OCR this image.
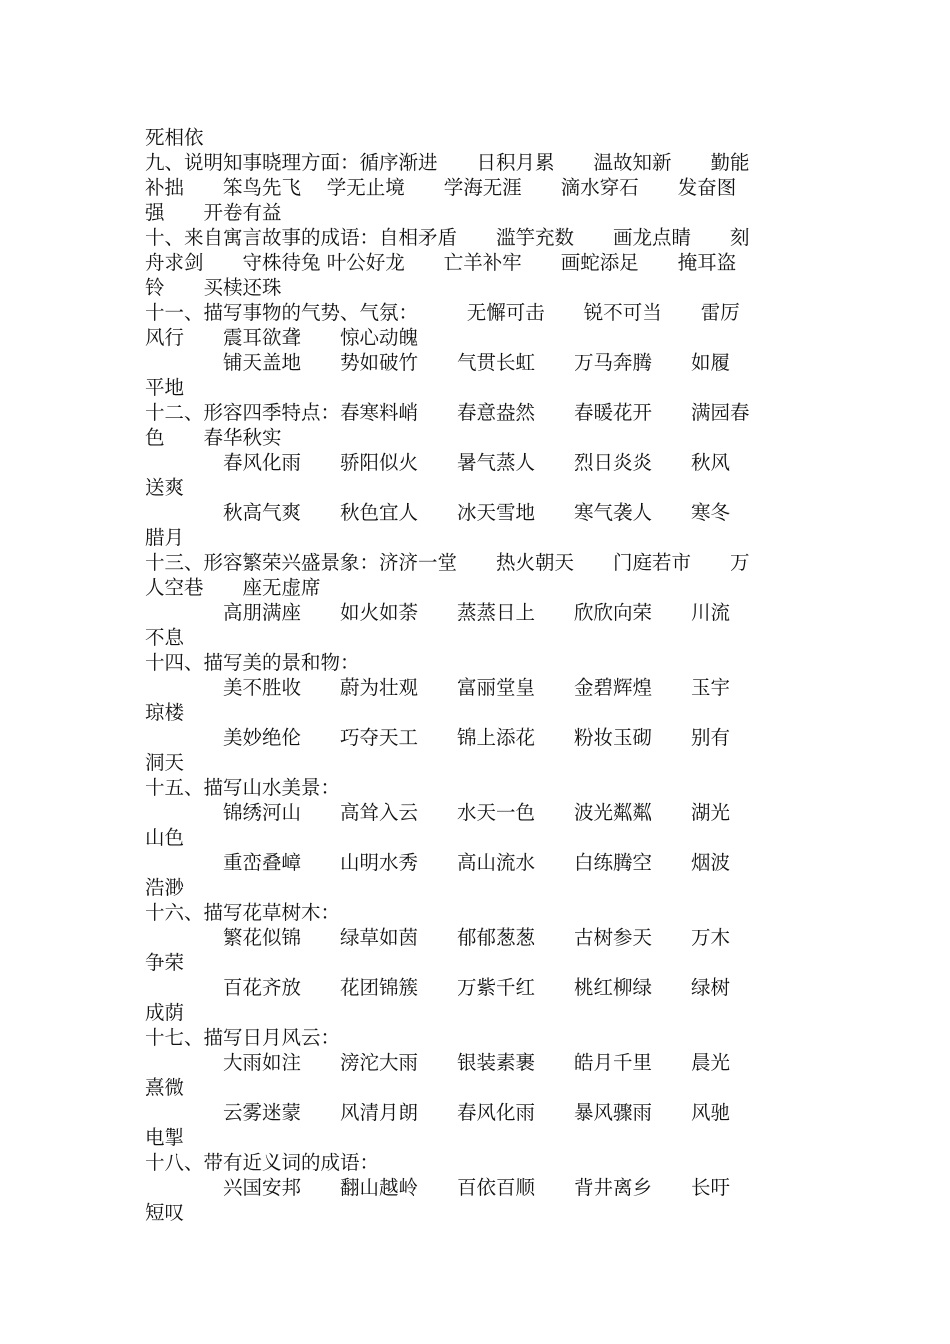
死相依
九、说明知事晓理方面：循序渐进　　日积月累　　温故知新　　勤能
补拙　　笨鸟先飞　 学无止境　　学海无涯　　滴水穿石　　发奋图
强　　开卷有益
十、来自寓言故事的成语：自相矛盾　　滥竽充数　　画龙点睛　　刻
舟求剑　　守株待兔 叶公好龙　　亡羊补牢　　画蛇添足　　掩耳盗
铃　　买椟还珠
十一、描写事物的气势、气氛：　　　无懈可击　　锐不可当　　雷厉
风行　　震耳欲聋　　惊心动魄
　　　　铺天盖地　　势如破竹　　气贯长虹　　万马奔腾　　如履
平地
十二、形容四季特点：春寒料峭　　春意盎然　　春暖花开　　满园春
色　　春华秋实
　　　　春风化雨　　骄阳似火　　暑气蒸人　　烈日炎炎　　秋风
送爽
　　　　秋高气爽　　秋色宜人　　冰天雪地　　寒气袭人　　寒冬
腊月
十三、形容繁荣兴盛景象：济济一堂　　热火朝天　　门庭若市　　万
人空巷　　座无虚席
　　　　高朋满座　　如火如荼　　蒸蒸日上　　欣欣向荣　　川流
不息
十四、描写美的景和物：
　　　　美不胜收　　蔚为壮观　　富丽堂皇　　金碧辉煌　　玉宇
琼楼
　　　　美妙绝伦　　巧夺天工　　锦上添花　　粉妆玉砌　　别有
洞天
十五、描写山水美景：
　　　　锦绣河山　　高耸入云　　水天一色　　波光粼粼　　湖光
山色
　　　　重峦叠嶂　　山明水秀　　高山流水　　白练腾空　　烟波
浩渺
十六、描写花草树木：
　　　　繁花似锦　　绿草如茵　　郁郁葱葱　　古树参天　　万木
争荣
　　　　百花齐放　　花团锦簇　　万紫千红　　桃红柳绿　　绿树
成荫
十七、描写日月风云：
　　　　大雨如注　　滂沱大雨　　银装素裹　　皓月千里　　晨光
熹微
　　　　云雾迷蒙　　风清月朗　　春风化雨　　暴风骤雨　　风驰
电掣
十八、带有近义词的成语：
　　　　兴国安邦　　翻山越岭　　百依百顺　　背井离乡　　长吁
短叹
